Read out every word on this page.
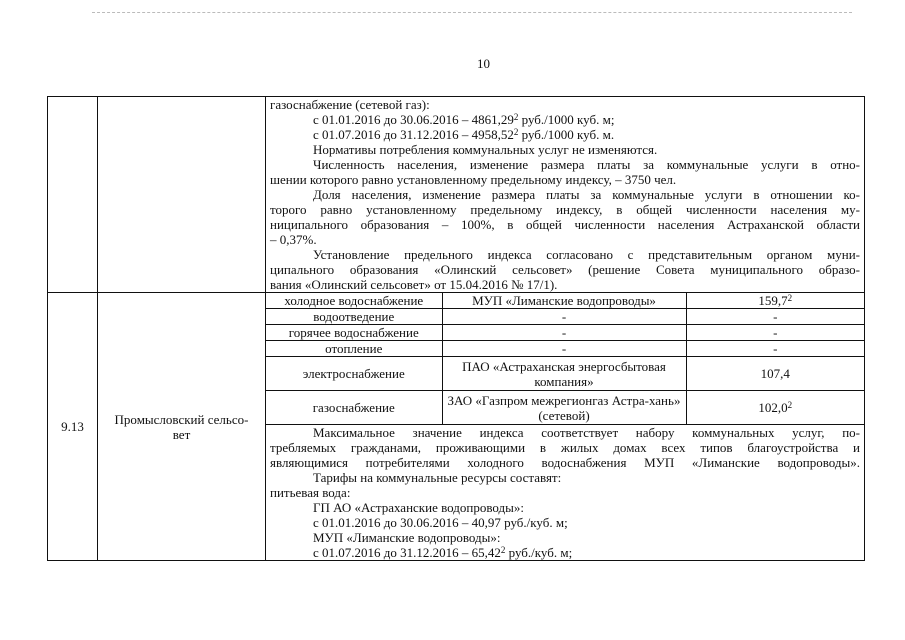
10

газоснабжение (сетевой газ):
с 01.01.2016 до 30.06.2016 – 4861,29$^2$ руб./1000 куб. м;
с 01.07.2016 до 31.12.2016 – 4958,52$^2$ руб./1000 куб. м.
Нормативы потребления коммунальных услуг не изменяются.
Численность населения, изменение размера платы за коммунальные услуги в отно-
шении которого равно установленному предельному индексу, – 3750 чел.
Доля населения, изменение размера платы за коммунальные услуги в отношении ко-
торого равно установленному предельному индексу, в общей численности населения му-
ниципального образования – 100%, в общей численности населения Астраханской области
– 0,37%.
Установление предельного индекса согласовано с представительным органом муни-
ципального образования «Олинский сельсовет» (решение Совета муниципального образо-
вания «Олинский сельсовет» от 15.04.2016 № 17/1).

9.13	Промысловский сельсо-
вет

холодное водоснабжение	МУП «Лиманские водопроводы»	159,7$^2$
водоотведение	-	-
горячее водоснабжение	-	-
отопление	-	-
электроснабжение	ПАО «Астраханская энергосбытовая компания»	107,4
газоснабжение	ЗАО «Газпром межрегионгаз Астра-хань» (сетевой)	102,0$^2$
Максимальное значение индекса соответствует набору коммунальных услуг, по-
требляемых гражданами, проживающими в жилых домах всех типов благоустройства и
являющимися потребителями холодного водоснабжения МУП «Лиманские водопроводы».
Тарифы на коммунальные ресурсы составят:
питьевая вода:
ГП АО «Астраханские водопроводы»:
с 01.01.2016 до 30.06.2016 – 40,97 руб./куб. м;
МУП «Лиманские водопроводы»:
с 01.07.2016 до 31.12.2016 – 65,42$^2$ руб./куб. м;
